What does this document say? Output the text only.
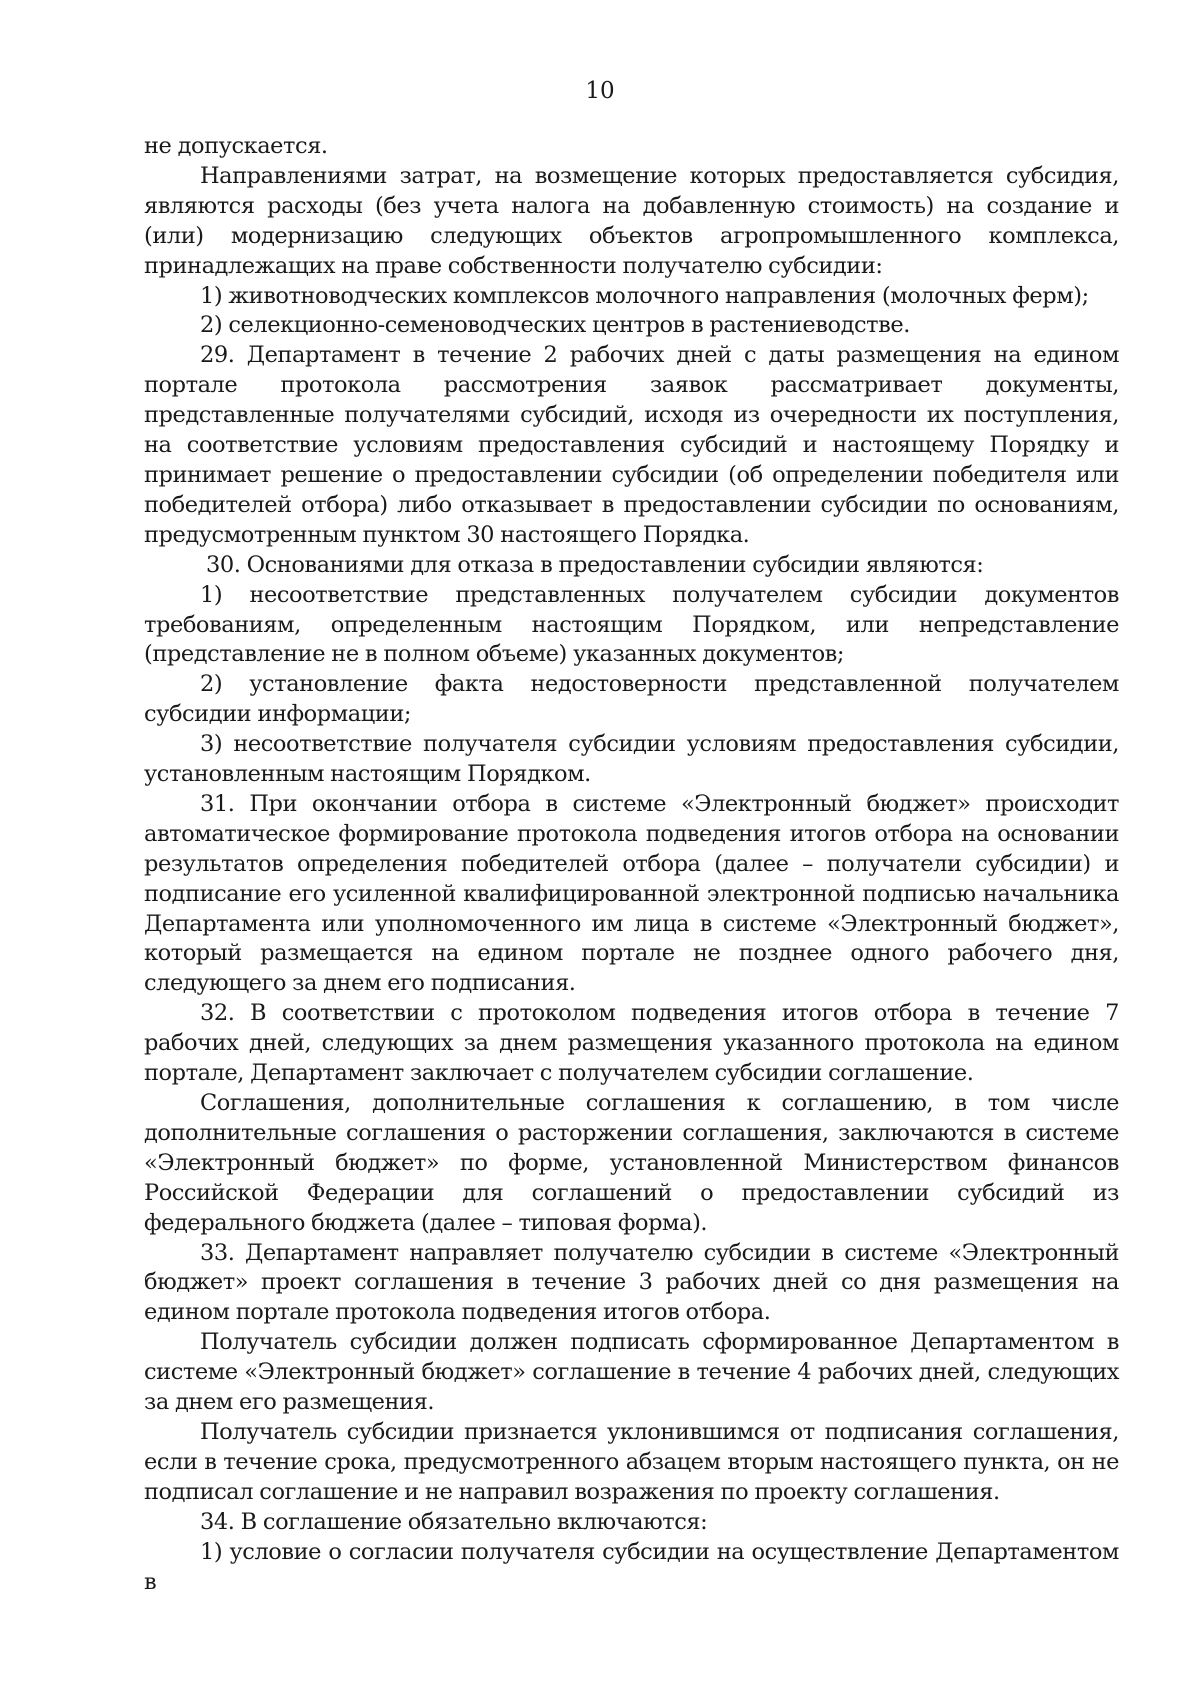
10

не допускается.

Направлениями затрат, на возмещение которых предоставляется субсидия, являются расходы (без учета налога на добавленную стоимость) на создание и (или) модернизацию следующих объектов агропромышленного комплекса, принадлежащих на праве собственности получателю субсидии:

1) животноводческих комплексов молочного направления (молочных ферм);

2) селекционно-семеноводческих центров в растениеводстве.

29. Департамент в течение 2 рабочих дней с даты размещения на едином портале протокола рассмотрения заявок рассматривает документы, представленные получателями субсидий, исходя из очередности их поступления, на соответствие условиям предоставления субсидий и настоящему Порядку и принимает решение о предоставлении субсидии (об определении победителя или победителей отбора) либо отказывает в предоставлении субсидии по основаниям, предусмотренным пунктом 30 настоящего Порядка.

30. Основаниями для отказа в предоставлении субсидии являются:

1) несоответствие представленных получателем субсидии документов требованиям, определенным настоящим Порядком, или непредставление (представление не в полном объеме) указанных документов;

2) установление факта недостоверности представленной получателем субсидии информации;

3) несоответствие получателя субсидии условиям предоставления субсидии, установленным настоящим Порядком.

31. При окончании отбора в системе «Электронный бюджет» происходит автоматическое формирование протокола подведения итогов отбора на основании результатов определения победителей отбора (далее – получатели субсидии) и подписание его усиленной квалифицированной электронной подписью начальника Департамента или уполномоченного им лица в системе «Электронный бюджет», который размещается на едином портале не позднее одного рабочего дня, следующего за днем его подписания.

32. В соответствии с протоколом подведения итогов отбора в течение 7 рабочих дней, следующих за днем размещения указанного протокола на едином портале, Департамент заключает с получателем субсидии соглашение.

Соглашения, дополнительные соглашения к соглашению, в том числе дополнительные соглашения о расторжении соглашения, заключаются в системе «Электронный бюджет» по форме, установленной Министерством финансов Российской Федерации для соглашений о предоставлении субсидий из федерального бюджета (далее – типовая форма).

33. Департамент направляет получателю субсидии в системе «Электронный бюджет» проект соглашения в течение 3 рабочих дней со дня размещения на едином портале протокола подведения итогов отбора.

Получатель субсидии должен подписать сформированное Департаментом в системе «Электронный бюджет» соглашение в течение 4 рабочих дней, следующих за днем его размещения.

Получатель субсидии признается уклонившимся от подписания соглашения, если в течение срока, предусмотренного абзацем вторым настоящего пункта, он не подписал соглашение и не направил возражения по проекту соглашения.

34. В соглашение обязательно включаются:

1) условие о согласии получателя субсидии на осуществление Департаментом в
